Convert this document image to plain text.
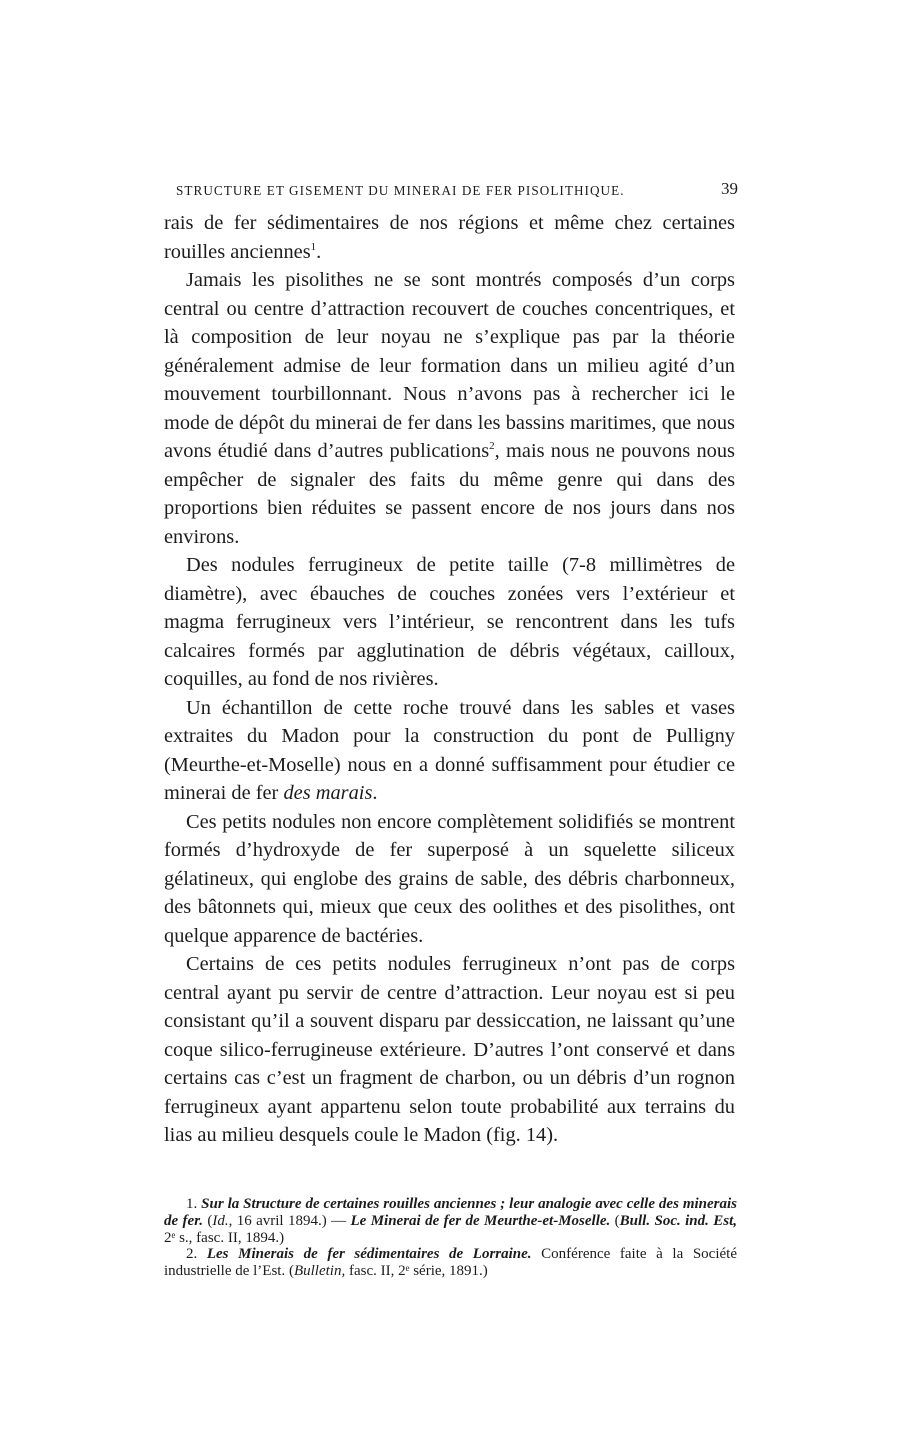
STRUCTURE ET GISEMENT DU MINERAI DE FER PISOLITHIQUE.	39

rais de fer sédimentaires de nos régions et même chez certaines rouilles anciennes$^1$.

Jamais les pisolithes ne se sont montrés composés d’un corps central ou centre d’attraction recouvert de couches concentriques, et là composition de leur noyau ne s’explique pas par la théorie généralement admise de leur formation dans un milieu agité d’un mouvement tourbillonnant. Nous n’avons pas à rechercher ici le mode de dépôt du minerai de fer dans les bassins maritimes, que nous avons étudié dans d’autres publications$^2$, mais nous ne pouvons nous empêcher de signaler des faits du même genre qui dans des proportions bien réduites se passent encore de nos jours dans nos environs.

Des nodules ferrugineux de petite taille (7-8 millimètres de diamètre), avec ébauches de couches zonées vers l’extérieur et magma ferrugineux vers l’intérieur, se rencontrent dans les tufs calcaires formés par agglutination de débris végétaux, cailloux, coquilles, au fond de nos rivières.

Un échantillon de cette roche trouvé dans les sables et vases extraites du Madon pour la construction du pont de Pulligny (Meurthe-et-Moselle) nous en a donné suffisamment pour étudier ce minerai de fer des marais.

Ces petits nodules non encore complètement solidifiés se montrent formés d’hydroxyde de fer superposé à un squelette siliceux gélatineux, qui englobe des grains de sable, des débris charbonneux, des bâtonnets qui, mieux que ceux des oolithes et des pisolithes, ont quelque apparence de bactéries.

Certains de ces petits nodules ferrugineux n’ont pas de corps central ayant pu servir de centre d’attraction. Leur noyau est si peu consistant qu’il a souvent disparu par dessiccation, ne laissant qu’une coque silico-ferrugineuse extérieure. D’autres l’ont conservé et dans certains cas c’est un fragment de charbon, ou un débris d’un rognon ferrugineux ayant appartenu selon toute probabilité aux terrains du lias au milieu desquels coule le Madon (fig. 14).

1. Sur la Structure de certaines rouilles anciennes ; leur analogie avec celle des minerais de fer. (Id., 16 avril 1894.) — Le Minerai de fer de Meurthe-et-Moselle. (Bull. Soc. ind. Est, 2ᵉ s., fasc. II, 1894.)

2. Les Minerais de fer sédimentaires de Lorraine. Conférence faite à la Société industrielle de l’Est. (Bulletin, fasc. II, 2ᵉ série, 1891.)
